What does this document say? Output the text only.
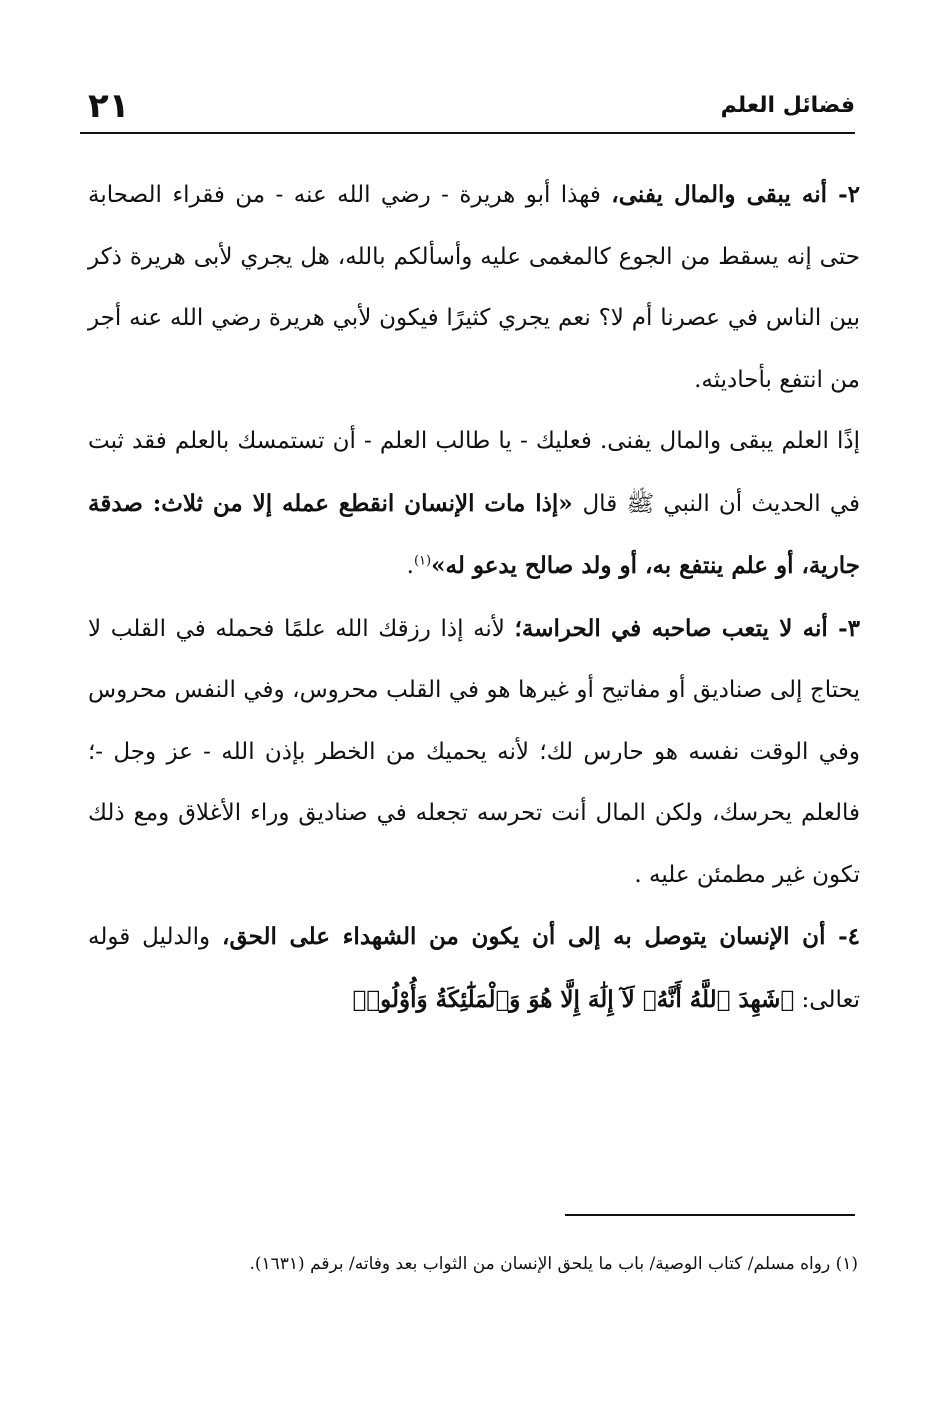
٢١	فضائل العلم

٢- أنه يبقى والمال يفنى، فهذا أبو هريرة - رضي الله عنه - من فقراء الصحابة حتى إنه يسقط من الجوع كالمغمى عليه وأسألكم بالله، هل يجري لأبى هريرة ذكر بين الناس في عصرنا أم لا؟ نعم يجري كثيرًا فيكون لأبي هريرة رضي الله عنه أجر من انتفع بأحاديثه.

إذًا العلم يبقى والمال يفنى. فعليك - يا طالب العلم - أن تستمسك بالعلم فقد ثبت في الحديث أن النبي ﷺ قال «إذا مات الإنسان انقطع عمله إلا من ثلاث: صدقة جارية، أو علم ينتفع به، أو ولد صالح يدعو له»$^{(١)}$.

٣- أنه لا يتعب صاحبه في الحراسة؛ لأنه إذا رزقك الله علمًا فحمله في القلب لا يحتاج إلى صناديق أو مفاتيح أو غيرها هو في القلب محروس، وفي النفس محروس وفي الوقت نفسه هو حارس لك؛ لأنه يحميك من الخطر بإذن الله - عز وجل -؛ فالعلم يحرسك، ولكن المال أنت تحرسه تجعله في صناديق وراء الأغلاق ومع ذلك تكون غير مطمئن عليه .

٤- أن الإنسان يتوصل به إلى أن يكون من الشهداء على الحق، والدليل قوله تعالى: ﴿شَهِدَ ٱللَّهُ أَنَّهُۥ لَآ إِلَٰهَ إِلَّا هُوَ وَٱلْمَلَٰٓئِكَةُ وَأُوْلُوا۟

(١) رواه مسلم/ كتاب الوصية/ باب ما يلحق الإنسان من الثواب بعد وفاته/ برقم (١٦٣١).
